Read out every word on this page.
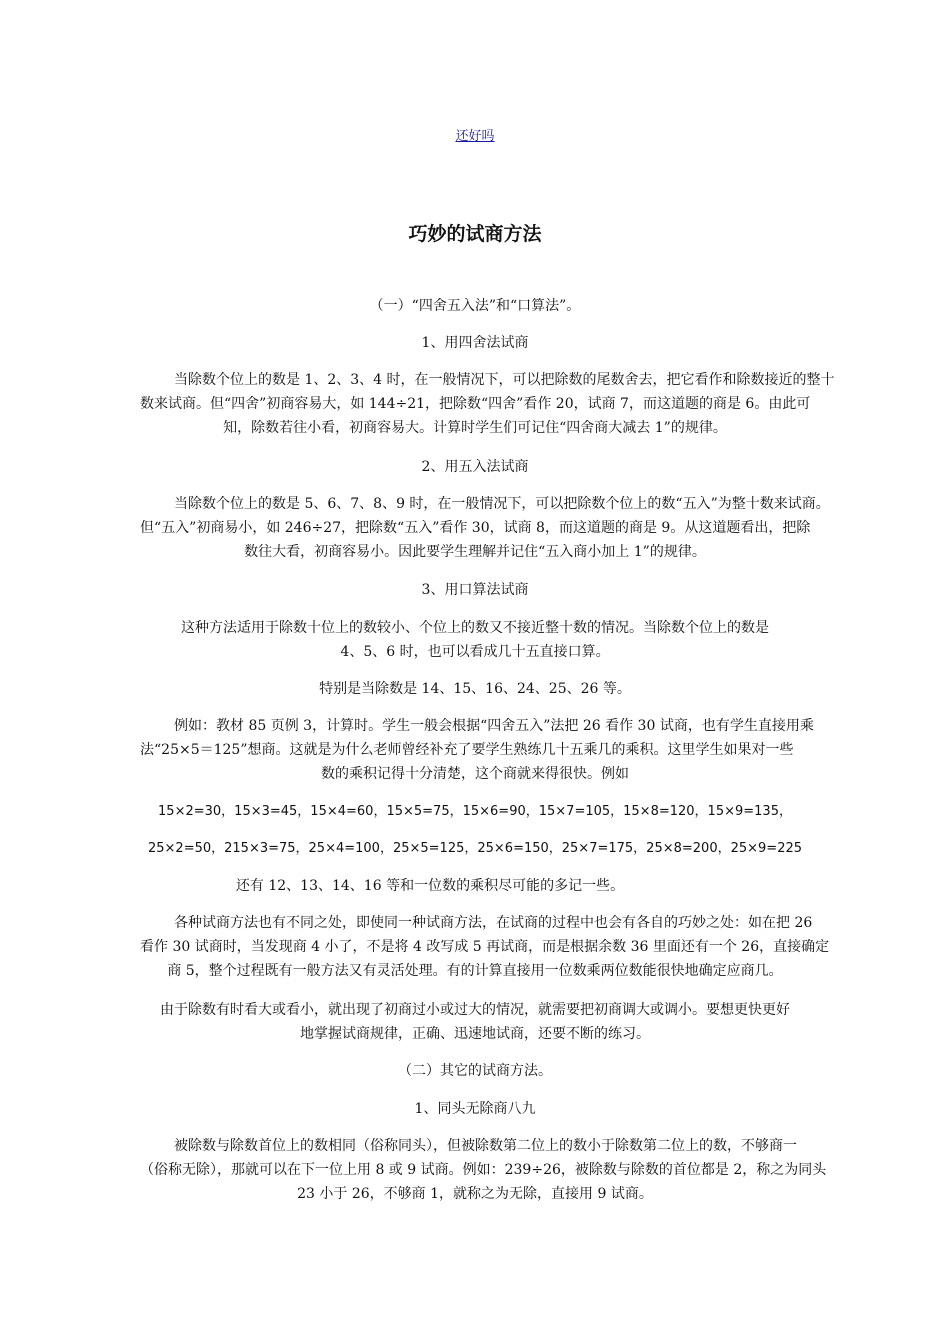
还好吗
巧妙的试商方法
（一）“四舍五入法”和“口算法”。
1、用四舍法试商
当除数个位上的数是 1、2、3、4 时，在一般情况下，可以把除数的尾数舍去，把它看作和除数接近的整十
数来试商。但“四舍”初商容易大，如 144÷21，把除数“四舍”看作 20，试商 7，而这道题的商是 6。由此可
知，除数若往小看，初商容易大。计算时学生们可记住“四舍商大减去 1”的规律。
2、用五入法试商
当除数个位上的数是 5、6、7、8、9 时，在一般情况下，可以把除数个位上的数“五入”为整十数来试商。
但“五入”初商易小，如 246÷27，把除数“五入”看作 30，试商 8，而这道题的商是 9。从这道题看出，把除
数往大看，初商容易小。因此要学生理解并记住“五入商小加上 1”的规律。
3、用口算法试商
这种方法适用于除数十位上的数较小、个位上的数又不接近整十数的情况。当除数个位上的数是
4、5、6 时，也可以看成几十五直接口算。
特别是当除数是 14、15、16、24、25、26 等。
例如：教材 85 页例 3，计算时。学生一般会根据“四舍五入”法把 26 看作 30 试商，也有学生直接用乘
法“25×5＝125”想商。这就是为什么老师曾经补充了要学生熟练几十五乘几的乘积。这里学生如果对一些
数的乘积记得十分清楚，这个商就来得很快。例如
15×2=30，15×3=45，15×4=60，15×5=75，15×6=90，15×7=105，15×8=120，15×9=135，
25×2=50，215×3=75，25×4=100，25×5=125，25×6=150，25×7=175，25×8=200，25×9=225
还有 12、13、14、16 等和一位数的乘积尽可能的多记一些。
各种试商方法也有不同之处，即使同一种试商方法，在试商的过程中也会有各自的巧妙之处：如在把 26
看作 30 试商时，当发现商 4 小了，不是将 4 改写成 5 再试商，而是根据余数 36 里面还有一个 26，直接确定
商 5，整个过程既有一般方法又有灵活处理。有的计算直接用一位数乘两位数能很快地确定应商几。
由于除数有时看大或看小，就出现了初商过小或过大的情况，就需要把初商调大或调小。要想更快更好
地掌握试商规律，正确、迅速地试商，还要不断的练习。
（二）其它的试商方法。
1、同头无除商八九
被除数与除数首位上的数相同（俗称同头），但被除数第二位上的数小于除数第二位上的数，不够商一
（俗称无除），那就可以在下一位上用 8 或 9 试商。例如：239÷26，被除数与除数的首位都是 2，称之为同头
23 小于 26，不够商 1，就称之为无除，直接用 9 试商。
